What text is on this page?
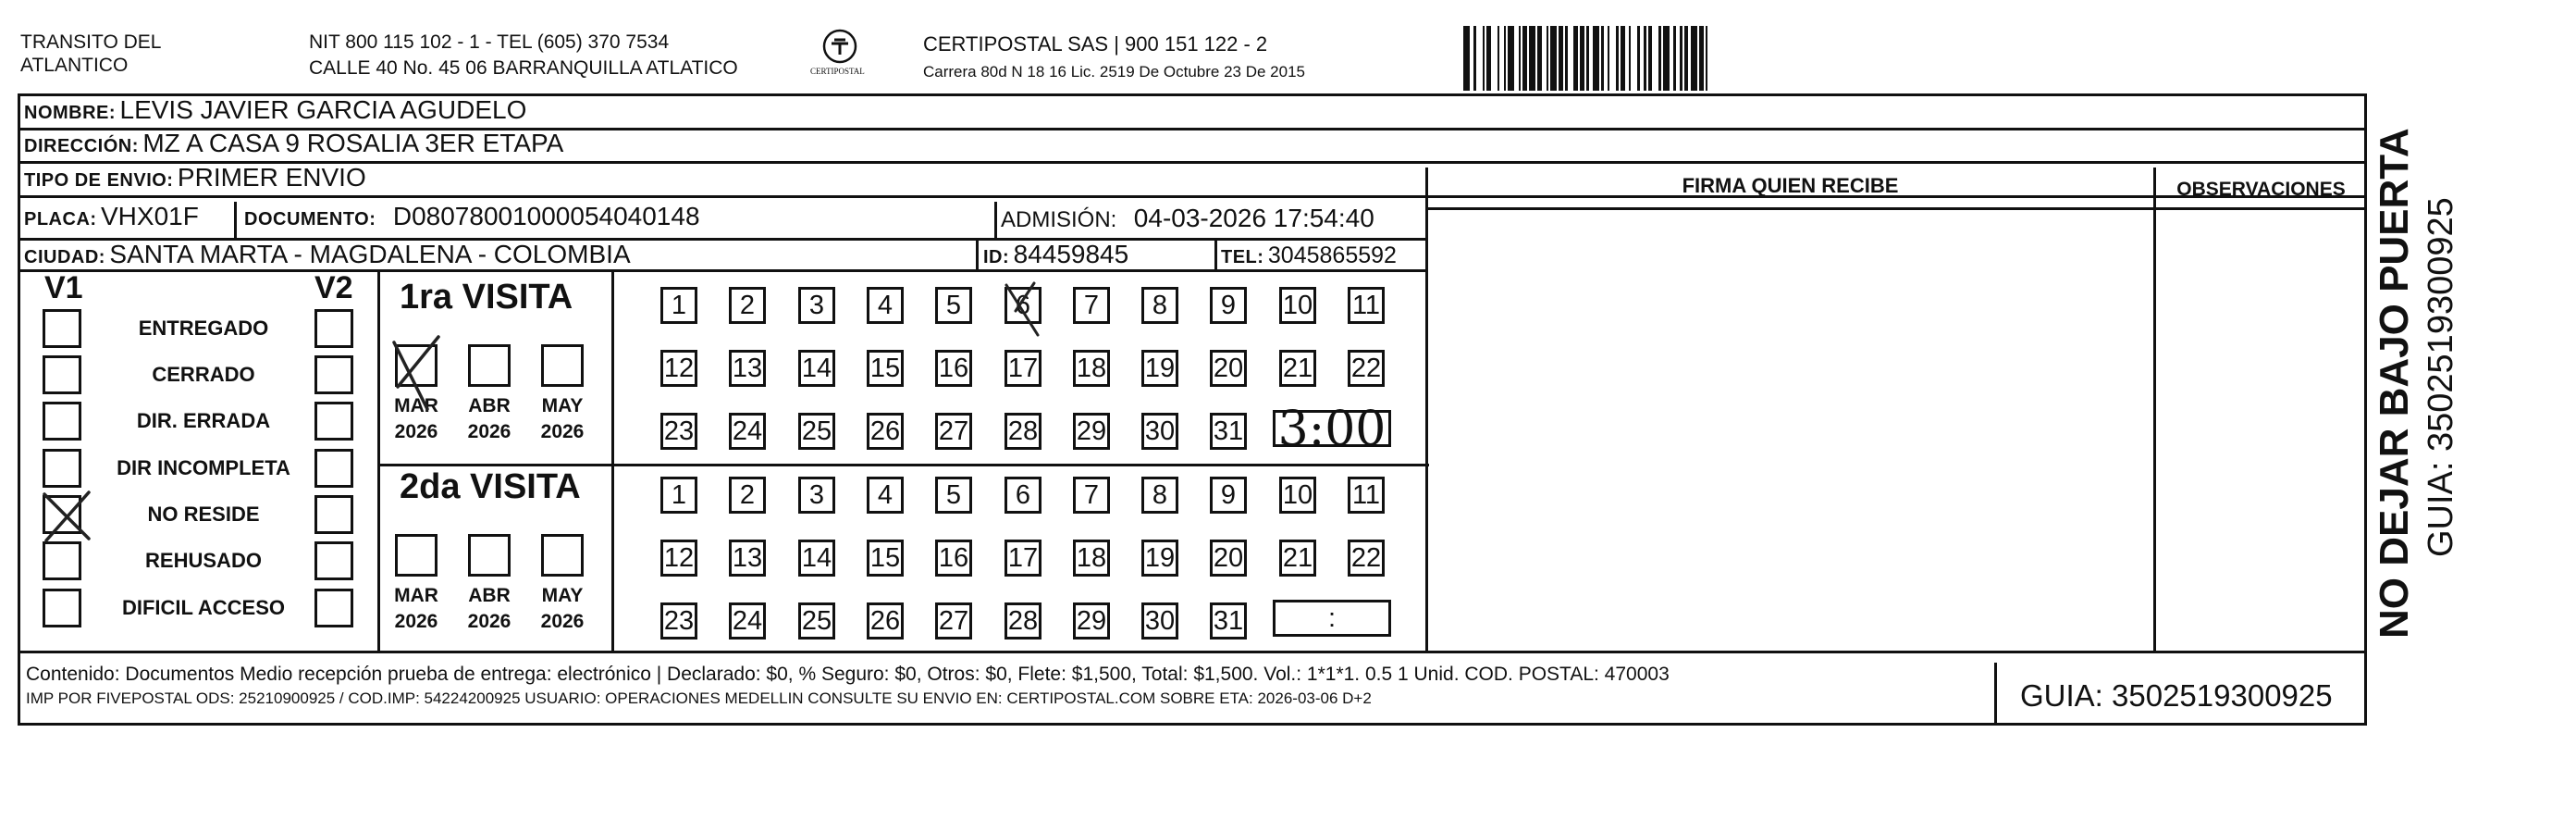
TRANSITO DEL
ATLANTICO
NIT 800 115 102 - 1 - TEL (605) 370 7534
CALLE 40 No. 45 06 BARRANQUILLA ATLATICO	CERTIPOSTAL
CERTIPOSTAL SAS | 900 151 122 - 2
Carrera 80d N 18 16 Lic. 2519 De Octubre 23 De 2015
NOMBRE: LEVIS JAVIER GARCIA AGUDELO
DIRECCIÓN: MZ A CASA 9 ROSALIA 3ER ETAPA
TIPO DE ENVIO: PRIMER ENVIO
PLACA: VHX01F DOCUMENTO: D08078001000054040148	ADMISIÓN: 04-03-2026 17:54:40
CIUDAD: SANTA MARTA - MAGDALENA - COLOMBIA	ID: 84459845	TEL: 3045865592
FIRMA QUIEN RECIBE	OBSERVACIONES
V1	V2
ENTREGADO
CERRADO
DIR. ERRADA
DIR INCOMPLETA
NO RESIDE
REHUSADO
DIFICIL ACCESO
1ra VISITA
2da VISITA
MAR
2026
ABR
2026
MAY
2026
MAR
2026
ABR
2026
MAY
2026
1	2	3	4	5	6	7	8	9	10 11
12 13 14 15 16 17 18 19 20 21 22
23 24 25 26 27 28 29 30 31
1	2	3	4	5	6	7	8	9	10 11
12 13 14 15 16 17 18 19 20 21 22
23 24 25 26 27 28 29 30 31
3:00
:
Contenido: Documentos Medio recepción prueba de entrega: electrónico | Declarado: $0, % Seguro: $0, Otros: $0, Flete: $1,500, Total: $1,500. Vol.: 1*1*1. 0.5 1 Unid. COD. POSTAL: 470003
IMP POR FIVEPOSTAL ODS: 25210900925 / COD.IMP: 54224200925 USUARIO: OPERACIONES MEDELLIN CONSULTE SU ENVIO EN: CERTIPOSTAL.COM SOBRE ETA: 2026-03-06 D+2	GUIA: 3502519300925
NO DEJAR BAJO PUERTA GUIA: 3502519300925
